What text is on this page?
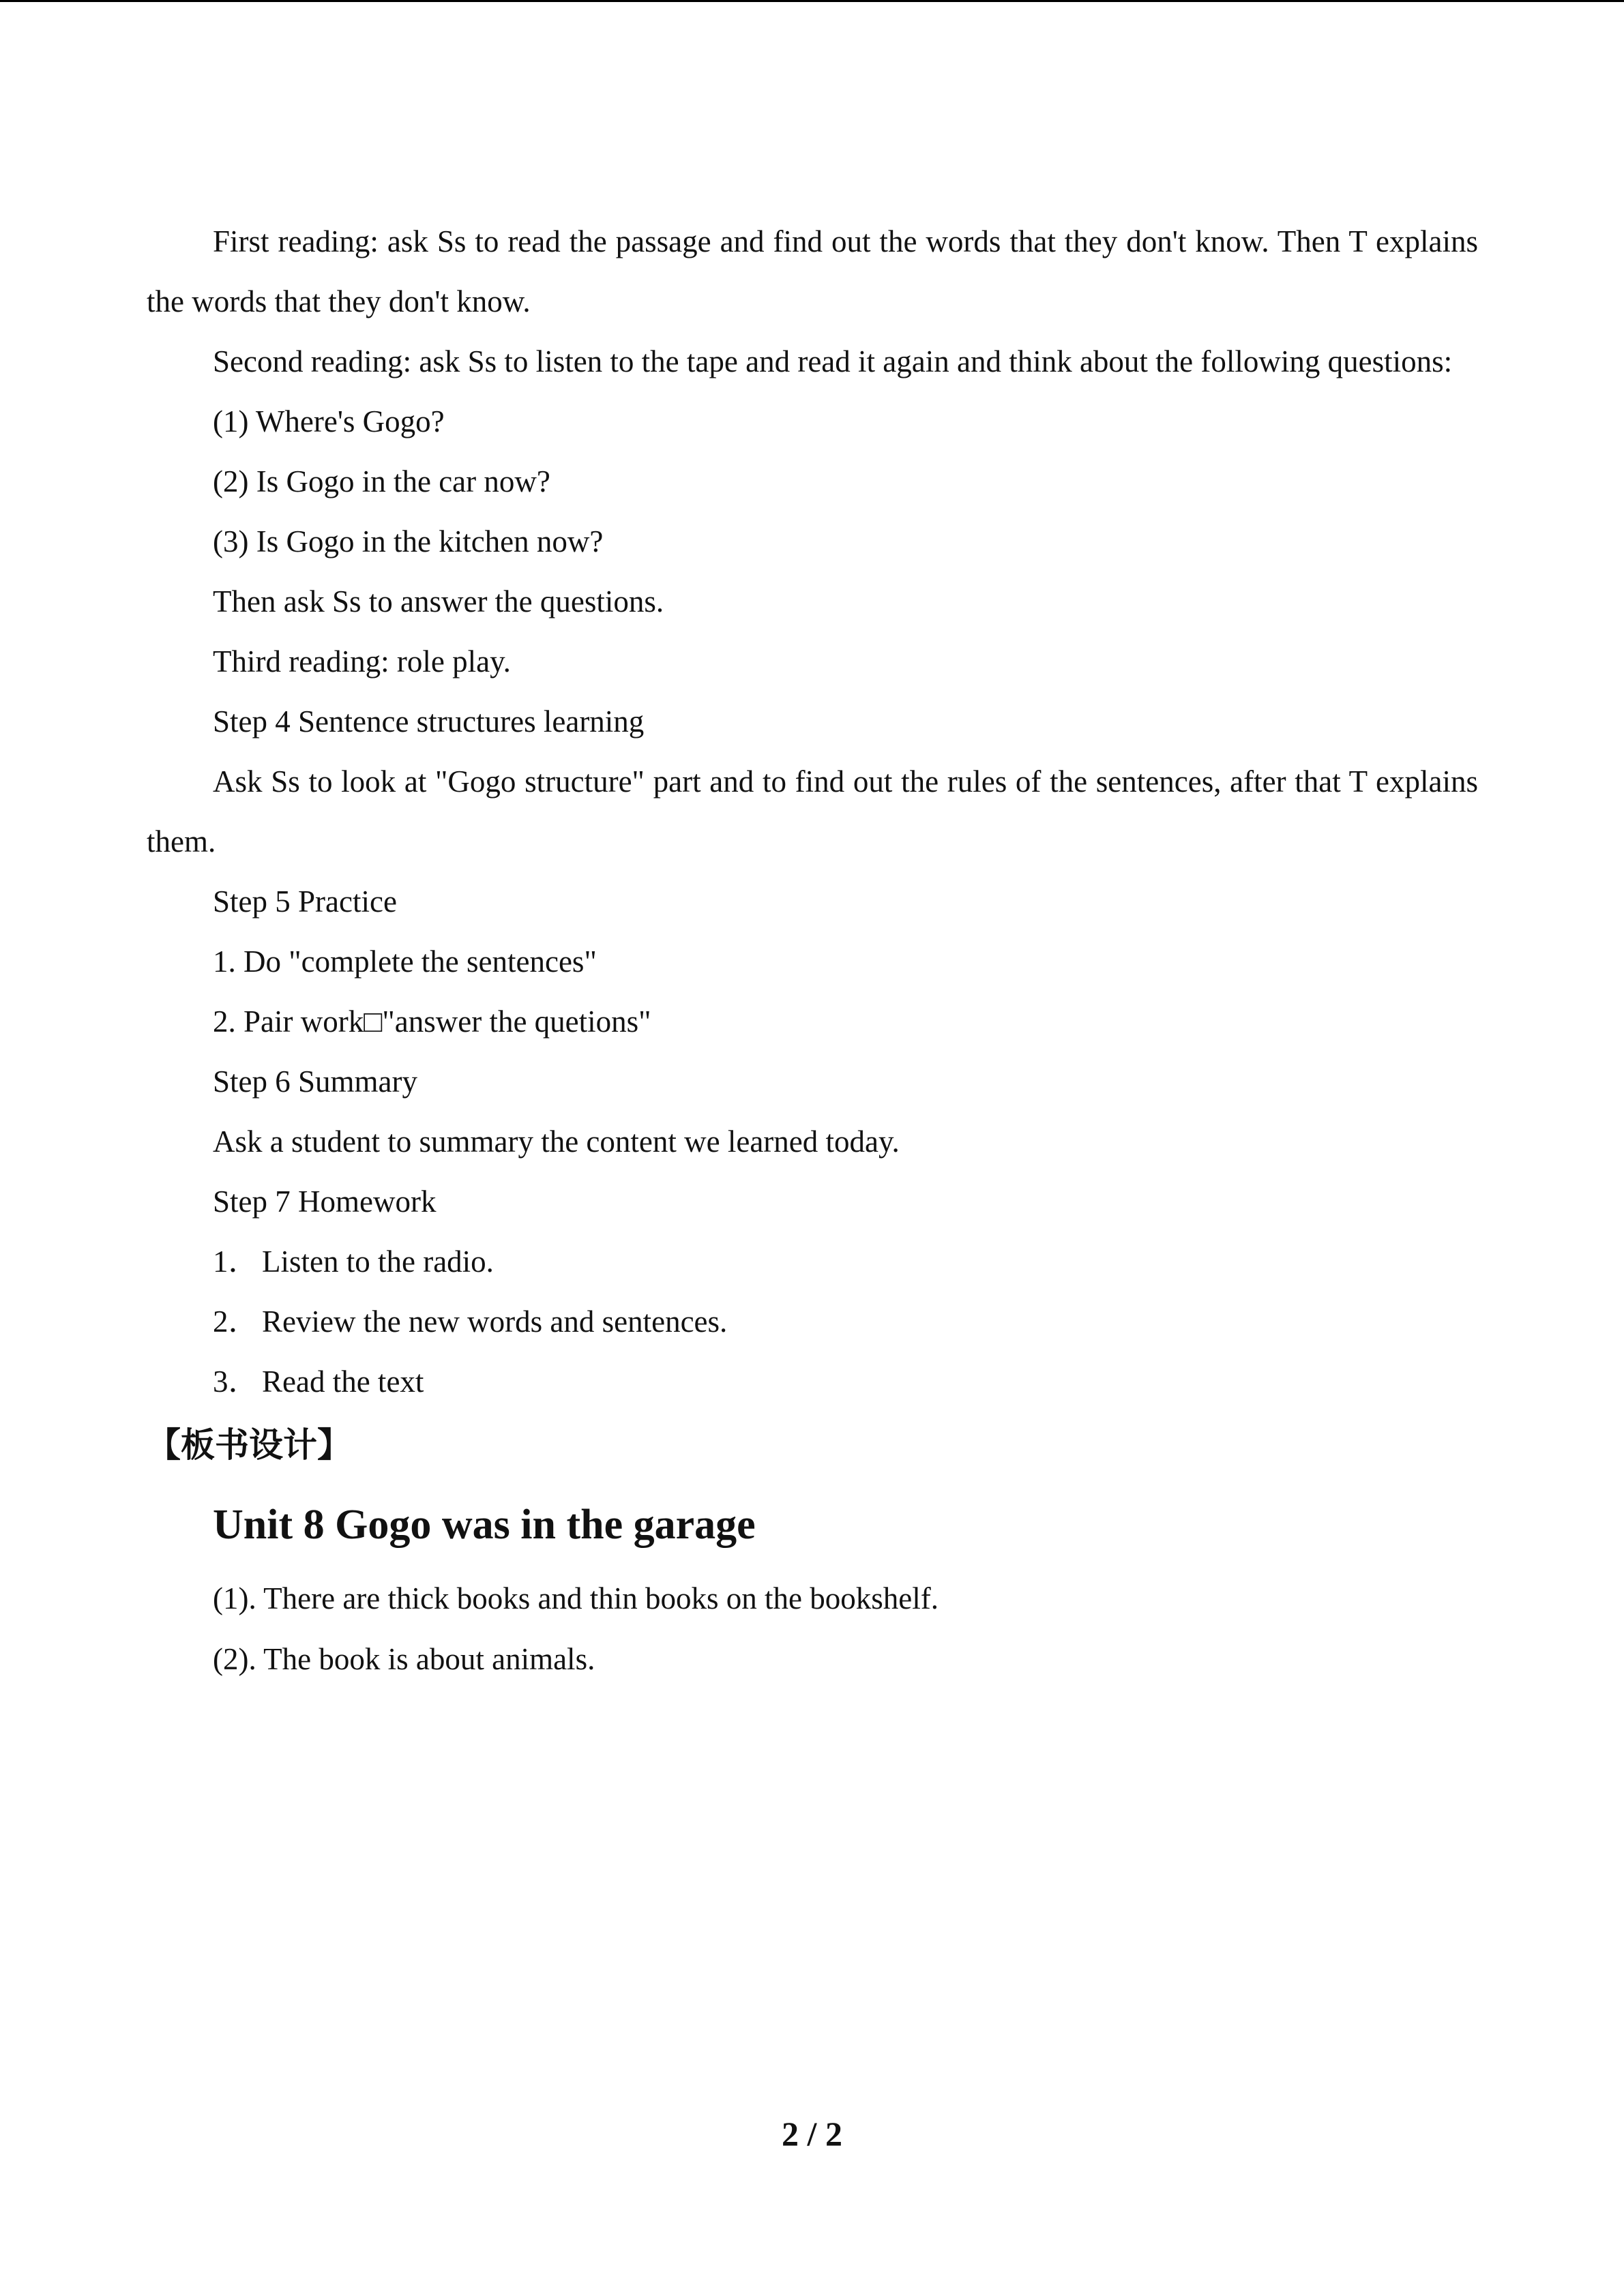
First reading: ask Ss to read the passage and find out the words that they don't know. Then T explains the words that they don't know.

Second reading: ask Ss to listen to the tape and read it again and think about the following questions:

(1) Where's Gogo?

(2) Is Gogo in the car now?

(3) Is Gogo in the kitchen now?

Then ask Ss to answer the questions.

Third reading: role play.

Step 4 Sentence structures learning

Ask Ss to look at "Gogo structure" part and to find out the rules of the sentences, after that T explains them.

Step 5 Practice

1. Do "complete the sentences"

2. Pair work□"answer the quetions"

Step 6 Summary

Ask a student to summary the content we learned today.

Step 7 Homework

1．Listen to the radio.

2．Review the new words and sentences.

3．Read the text

【板书设计】

Unit 8 Gogo was in the garage

(1). There are thick books and thin books on the bookshelf.

(2). The book is about animals.

2 / 2
